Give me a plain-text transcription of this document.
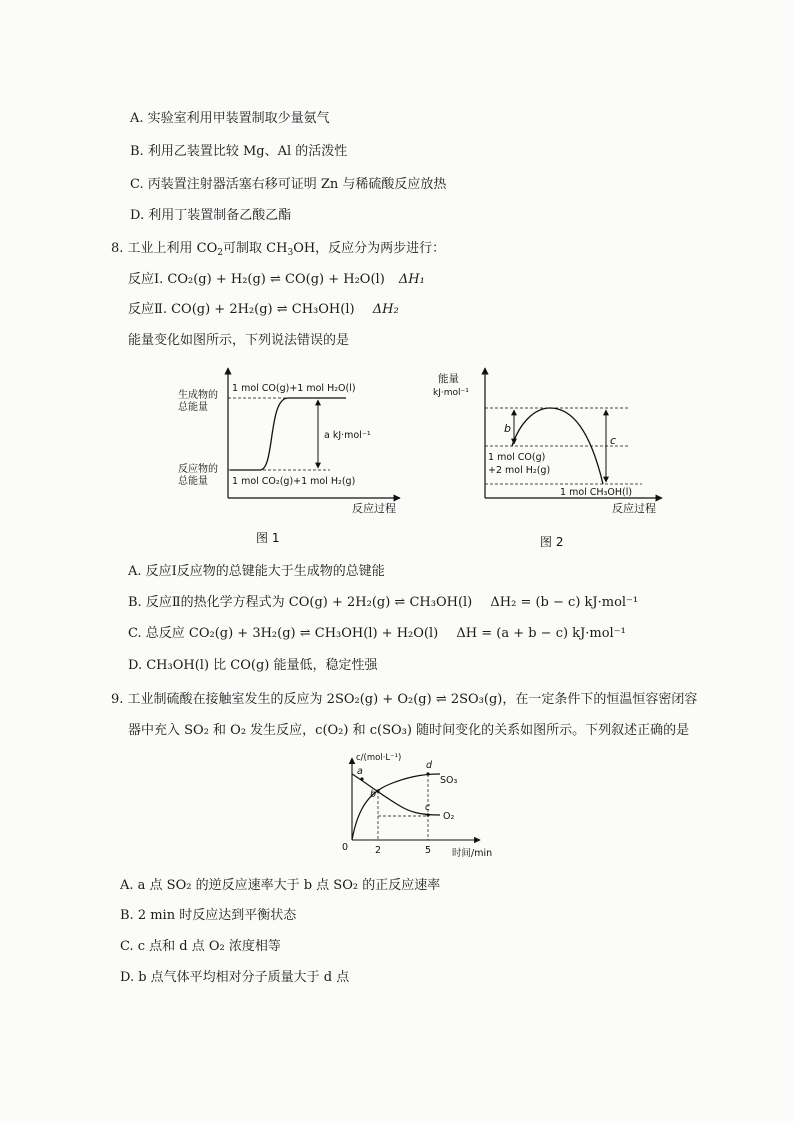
A. 实验室利用甲装置制取少量氨气
B. 利用乙装置比较 Mg、Al 的活泼性
C. 丙装置注射器活塞右移可证明 Zn 与稀硫酸反应放热
D. 利用丁装置制备乙酸乙酯
8. 工业上利用 $CO_2$可制取 $CH_3OH$，反应分为两步进行：
反应Ⅰ. CO₂(g) + H₂(g) ⇌ CO(g) + H₂O(l) ΔH₁
反应Ⅱ. CO(g) + 2H₂(g) ⇌ CH₃OH(l) ΔH₂
能量变化如图所示，下列说法错误的是
生成物的
总能量
反应物的
总能量
1 mol CO(g)+1 mol H₂O(l)
1 mol CO₂(g)+1 mol H₂(g)
a kJ·mol⁻¹
反应过程
图 1
能量
kJ·mol⁻¹
b
c
1 mol CO(g)
+2 mol H₂(g)
1 mol CH₃OH(l)
反应过程
图 2
A. 反应Ⅰ反应物的总键能大于生成物的总键能
B. 反应Ⅱ的热化学方程式为 CO(g) + 2H₂(g) ⇌ CH₃OH(l) ΔH₂ = (b − c) kJ·mol⁻¹
C. 总反应 CO₂(g) + 3H₂(g) ⇌ CH₃OH(l) + H₂O(l) ΔH = (a + b − c) kJ·mol⁻¹
D. CH₃OH(l) 比 CO(g) 能量低，稳定性强
9. 工业制硫酸在接触室发生的反应为 2SO₂(g) + O₂(g) ⇌ 2SO₃(g)，在一定条件下的恒温恒容密闭容
器中充入 SO₂ 和 O₂ 发生反应，c(O₂) 和 c(SO₃) 随时间变化的关系如图所示。下列叙述正确的是
c/(mol·L⁻¹)
时间/min
0	2	5
SO₃
O₂
a
b
c
d
A. a 点 SO₂ 的逆反应速率大于 b 点 SO₂ 的正反应速率
B. 2 min 时反应达到平衡状态
C. c 点和 d 点 O₂ 浓度相等
D. b 点气体平均相对分子质量大于 d 点
